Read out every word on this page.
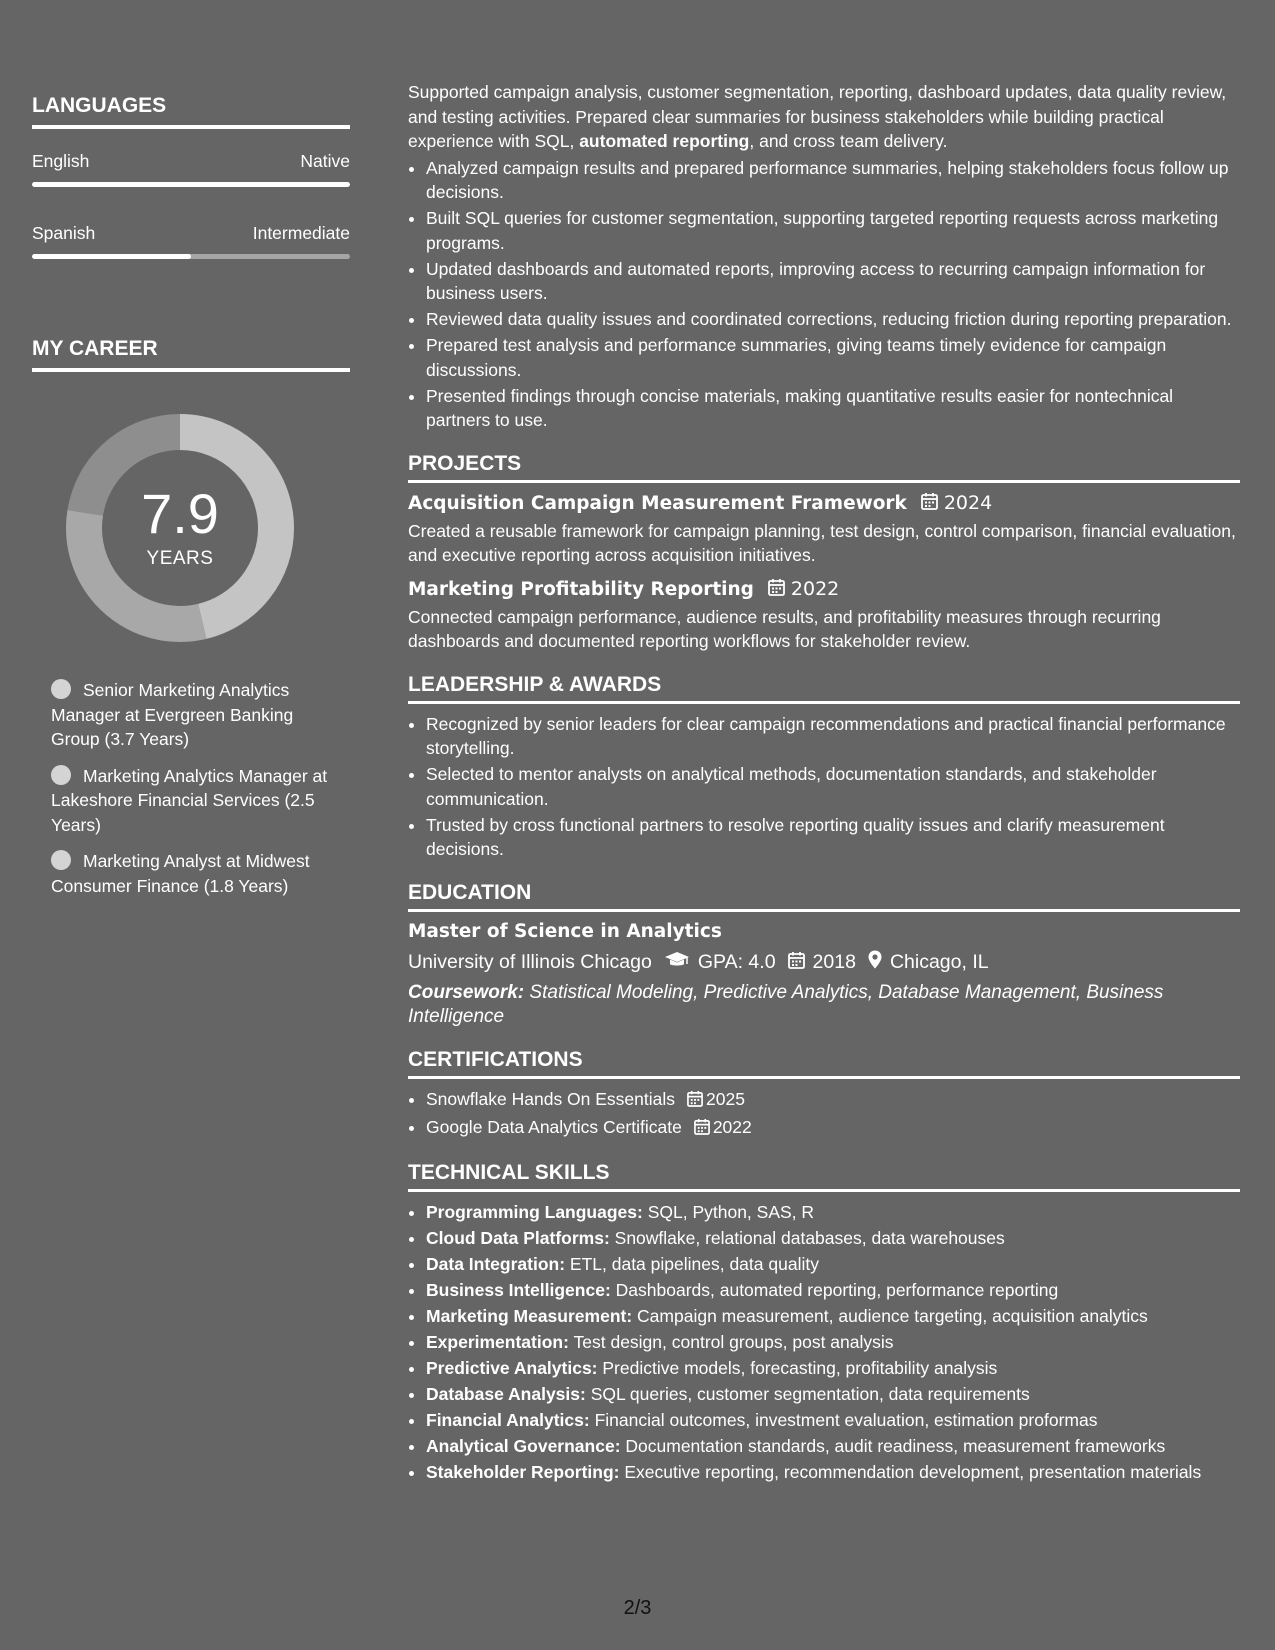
LANGUAGES
English	Native
Spanish	Intermediate
MY CAREER
7.9
YEARS
Senior Marketing Analytics Manager at Evergreen Banking Group (3.7 Years)
Marketing Analytics Manager at Lakeshore Financial Services (2.5 Years)
Marketing Analyst at Midwest Consumer Finance (1.8 Years)

Supported campaign analysis, customer segmentation, reporting, dashboard updates, data quality review, and testing activities. Prepared clear summaries for business stakeholders while building practical experience with SQL, automated reporting, and cross team delivery.

• Analyzed campaign results and prepared performance summaries, helping stakeholders focus follow up decisions.
• Built SQL queries for customer segmentation, supporting targeted reporting requests across marketing programs.
• Updated dashboards and automated reports, improving access to recurring campaign information for business users.
• Reviewed data quality issues and coordinated corrections, reducing friction during reporting preparation.
• Prepared test analysis and performance summaries, giving teams timely evidence for campaign discussions.
• Presented findings through concise materials, making quantitative results easier for nontechnical partners to use.
PROJECTS
Acquisition Campaign Measurement Framework 2024

Created a reusable framework for campaign planning, test design, control comparison, financial evaluation, and executive reporting across acquisition initiatives.

Marketing Profitability Reporting 2022

Connected campaign performance, audience results, and profitability measures through recurring dashboards and documented reporting workflows for stakeholder review.

LEADERSHIP & AWARDS
• Recognized by senior leaders for clear campaign recommendations and practical financial performance storytelling.
• Selected to mentor analysts on analytical methods, documentation standards, and stakeholder communication.
• Trusted by cross functional partners to resolve reporting quality issues and clarify measurement decisions.
EDUCATION
Master of Science in Analytics
University of Illinois Chicago GPA: 4.0 2018 Chicago, IL

Coursework: Statistical Modeling, Predictive Analytics, Database Management, Business Intelligence

CERTIFICATIONS
• Snowflake Hands On Essentials 2025
• Google Data Analytics Certificate 2022
TECHNICAL SKILLS
• Programming Languages: SQL, Python, SAS, R
• Cloud Data Platforms: Snowflake, relational databases, data warehouses
• Data Integration: ETL, data pipelines, data quality
• Business Intelligence: Dashboards, automated reporting, performance reporting
• Marketing Measurement: Campaign measurement, audience targeting, acquisition analytics
• Experimentation: Test design, control groups, post analysis
• Predictive Analytics: Predictive models, forecasting, profitability analysis
• Database Analysis: SQL queries, customer segmentation, data requirements
• Financial Analytics: Financial outcomes, investment evaluation, estimation proformas
• Analytical Governance: Documentation standards, audit readiness, measurement frameworks
• Stakeholder Reporting: Executive reporting, recommendation development, presentation materials
2/3
